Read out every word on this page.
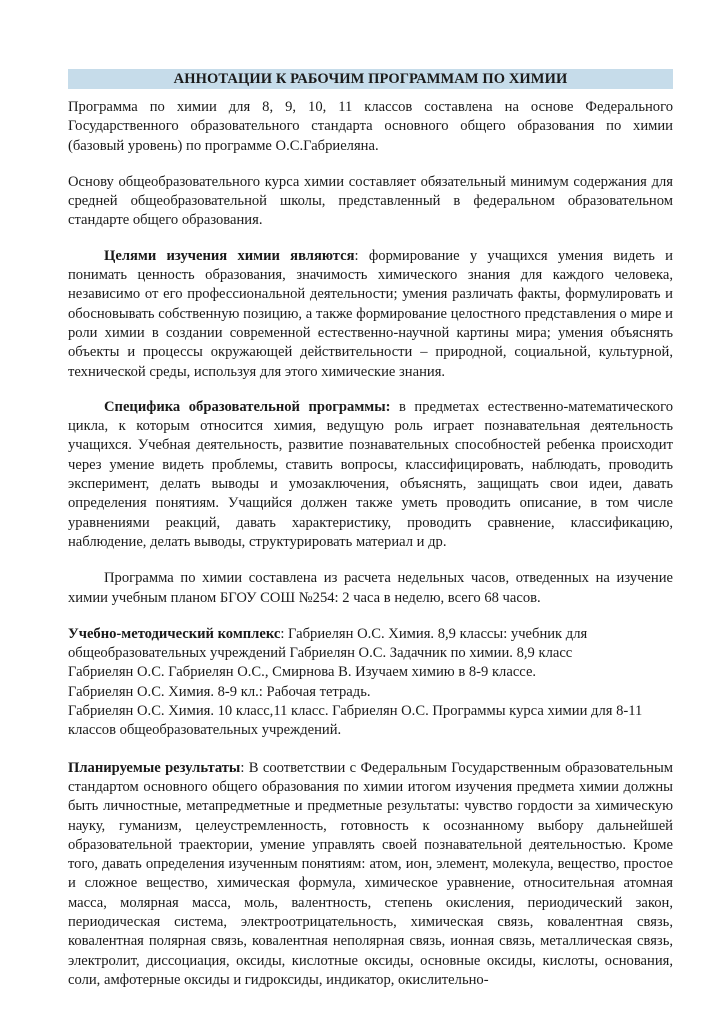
АННОТАЦИИ К РАБОЧИМ ПРОГРАММАМ ПО ХИМИИ

Программа по химии для 8, 9, 10, 11 классов составлена на основе Федерального Государственного образовательного стандарта основного общего образования по химии (базовый уровень) по программе О.С.Габриеляна.

Основу общеобразовательного курса химии составляет обязательный минимум содержания для средней общеобразовательной школы, представленный в федеральном образовательном стандарте общего образования.

Целями изучения химии являются: формирование у учащихся умения видеть и понимать ценность образования, значимость химического знания для каждого человека, независимо от его профессиональной деятельности; умения различать факты, формулировать и обосновывать собственную позицию, а также формирование целостного представления о мире и роли химии в создании современной естественно-научной картины мира; умения объяснять объекты и процессы окружающей действительности – природной, социальной, культурной, технической среды, используя для этого химические знания.

Специфика образовательной программы: в предметах естественно-математического цикла, к которым относится химия, ведущую роль играет познавательная деятельность учащихся. Учебная деятельность, развитие познавательных способностей ребенка происходит через умение видеть проблемы, ставить вопросы, классифицировать, наблюдать, проводить эксперимент, делать выводы и умозаключения, объяснять, защищать свои идеи, давать определения понятиям. Учащийся должен также уметь проводить описание, в том числе уравнениями реакций, давать характеристику, проводить сравнение, классификацию, наблюдение, делать выводы, структурировать материал и др.

Программа по химии составлена из расчета недельных часов, отведенных на изучение химии учебным планом БГОУ СОШ №254: 2 часа в неделю, всего 68 часов.

Учебно-методический комплекс: Габриелян О.С. Химия. 8,9 классы: учебник для
общеобразовательных учреждений Габриелян О.С. Задачник по химии. 8,9 класс
Габриелян О.С. Габриелян О.С., Смирнова В. Изучаем химию в 8-9 классе.
Габриелян О.С. Химия. 8-9 кл.: Рабочая тетрадь.
Габриелян О.С. Химия. 10 класс,11 класс. Габриелян О.С. Программы курса химии для 8-11
классов общеобразовательных учреждений.

Планируемые результаты: В соответствии с Федеральным Государственным образовательным стандартом основного общего образования по химии итогом изучения предмета химии должны быть личностные, метапредметные и предметные результаты: чувство гордости за химическую науку, гуманизм, целеустремленность, готовность к осознанному выбору дальнейшей образовательной траектории, умение управлять своей познавательной деятельностью. Кроме того, давать определения изученным понятиям: атом, ион, элемент, молекула, вещество, простое и сложное вещество, химическая формула, химическое уравнение, относительная атомная масса, молярная масса, моль, валентность, степень окисления, периодический закон, периодическая система, электроотрицательность, химическая связь, ковалентная связь, ковалентная полярная связь, ковалентная неполярная связь, ионная связь, металлическая связь, электролит, диссоциация, оксиды, кислотные оксиды, основные оксиды, кислоты, основания, соли, амфотерные оксиды и гидроксиды, индикатор, окислительно-
